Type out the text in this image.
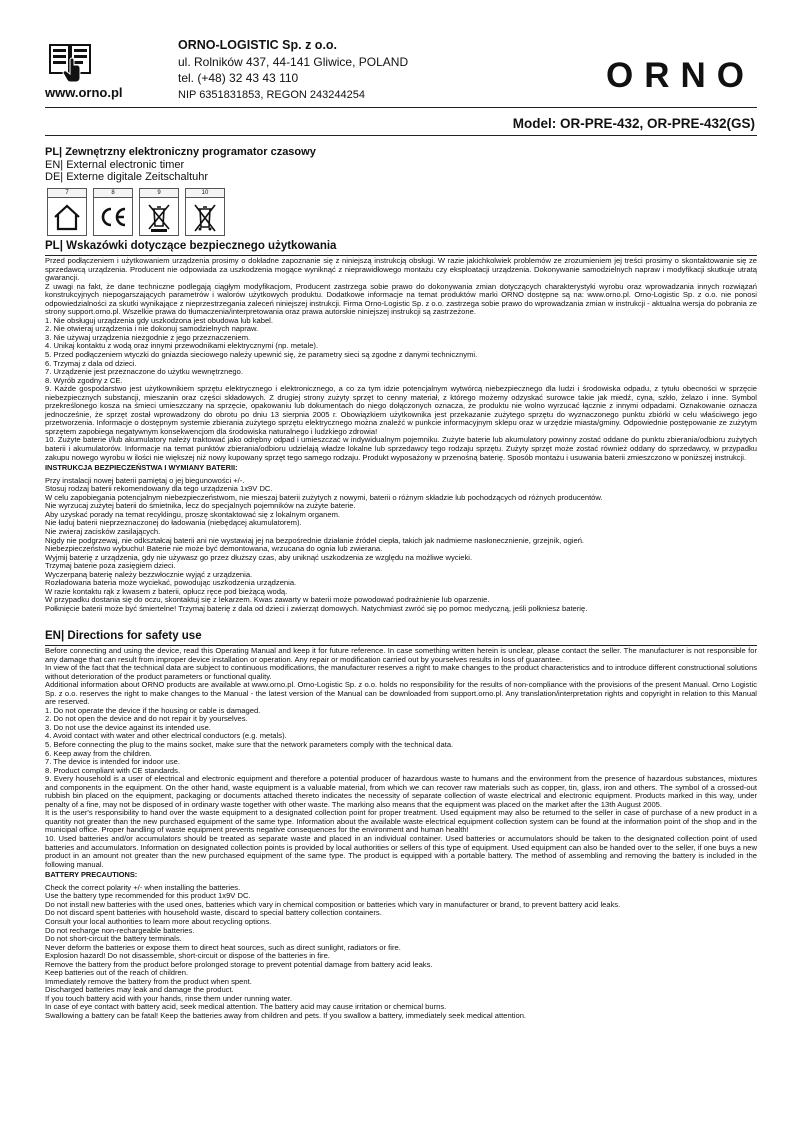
www.orno.pl
ORNO-LOGISTIC Sp. z o.o.
ul. Rolników 437, 44-141 Gliwice, POLAND
tel. (+48) 32 43 43 110
NIP 6351831853, REGON 243244254	ORNO
Model: OR-PRE-432, OR-PRE-432(GS)
PL| Zewnętrzny elektroniczny programator czasowy
EN| External electronic timer
DE| Externe digitale Zeitschaltuhr
7	8	9	10
PL| Wskazówki dotyczące bezpiecznego użytkowania

Przed podłączeniem i użytkowaniem urządzenia prosimy o dokładne zapoznanie się z niniejszą instrukcją obsługi. W razie jakichkolwiek problemów ze zrozumieniem jej treści prosimy o skontaktowanie się ze sprzedawcą urządzenia. Producent nie odpowiada za uszkodzenia mogące wyniknąć z nieprawidłowego montażu czy eksploatacji urządzenia. Dokonywanie samodzielnych napraw i modyfikacji skutkuje utratą gwarancji.

Z uwagi na fakt, że dane techniczne podlegają ciągłym modyfikacjom, Producent zastrzega sobie prawo do dokonywania zmian dotyczących charakterystyki wyrobu oraz wprowadzania innych rozwiązań konstrukcyjnych niepogarszających parametrów i walorów użytkowych produktu. Dodatkowe informacje na temat produktów marki ORNO dostępne są na: www.orno.pl. Orno-Logistic Sp. z o.o. nie ponosi odpowiedzialności za skutki wynikające z nieprzestrzegania zaleceń niniejszej instrukcji. Firma Orno-Logistic Sp. z o.o. zastrzega sobie prawo do wprowadzania zmian w instrukcji - aktualna wersja do pobrania ze strony support.orno.pl. Wszelkie prawa do tłumaczenia/interpretowania oraz prawa autorskie niniejszej instrukcji są zastrzeżone.

1. Nie obsługuj urządzenia gdy uszkodzona jest obudowa lub kabel.

2. Nie otwieraj urządzenia i nie dokonuj samodzielnych napraw.

3. Nie używaj urządzenia niezgodnie z jego przeznaczeniem.

4. Unikaj kontaktu z wodą oraz innymi przewodnikami elektrycznymi (np. metale).

5. Przed podłączeniem wtyczki do gniazda sieciowego należy upewnić się, że parametry sieci są zgodne z danymi technicznymi.

6. Trzymaj z dala od dzieci.

7. Urządzenie jest przeznaczone do użytku wewnętrznego.

8. Wyrób zgodny z CE.

9. Każde gospodarstwo jest użytkownikiem sprzętu elektrycznego i elektronicznego, a co za tym idzie potencjalnym wytwórcą niebezpiecznego dla ludzi i środowiska odpadu, z tytułu obecności w sprzęcie niebezpiecznych substancji, mieszanin oraz części składowych. Z drugiej strony zużyty sprzęt to cenny materiał, z którego możemy odzyskać surowce takie jak miedź, cyna, szkło, żelazo i inne. Symbol przekreślonego kosza na śmieci umieszczany na sprzęcie, opakowaniu lub dokumentach do niego dołączonych oznacza, że produktu nie wolno wyrzucać łącznie z innymi odpadami. Oznakowanie oznacza jednocześnie, że sprzęt został wprowadzony do obrotu po dniu 13 sierpnia 2005 r. Obowiązkiem użytkownika jest przekazanie zużytego sprzętu do wyznaczonego punktu zbiórki w celu właściwego jego przetworzenia. Informacje o dostępnym systemie zbierania zużytego sprzętu elektrycznego można znaleźć w punkcie informacyjnym sklepu oraz w urzędzie miasta/gminy. Odpowiednie postępowanie ze zużytym sprzętem zapobiega negatywnym konsekwencjom dla środowiska naturalnego i ludzkiego zdrowia!

10. Zużyte baterie i/lub akumulatory należy traktować jako odrębny odpad i umieszczać w indywidualnym pojemniku. Zużyte baterie lub akumulatory powinny zostać oddane do punktu zbierania/odbioru zużytych baterii i akumulatorów. Informacje na temat punktów zbierania/odbioru udzielają władze lokalne lub sprzedawcy tego rodzaju sprzętu. Zużyty sprzęt może zostać również oddany do sprzedawcy, w przypadku zakupu nowego wyrobu w ilości nie większej niż nowy kupowany sprzęt tego samego rodzaju. Produkt wyposażony w przenośną baterię. Sposób montażu i usuwania baterii zmieszczono w poniższej instrukcji.

INSTRUKCJA BEZPIECZEŃSTWA I WYMIANY BATERII:

Przy instalacji nowej baterii pamiętaj o jej biegunowości +/-.

Stosuj rodzaj baterii rekomendowany dla tego urządzenia 1x9V DC.

W celu zapobiegania potencjalnym niebezpieczeństwom, nie mieszaj baterii zużytych z nowymi, baterii o różnym składzie lub pochodzących od różnych producentów.

Nie wyrzucaj zużytej baterii do śmietnika, lecz do specjalnych pojemników na zużyte baterie.

Aby uzyskać porady na temat recyklingu, proszę skontaktować się z lokalnym organem.

Nie ładuj baterii nieprzeznaczonej do ładowania (niebędącej akumulatorem).

Nie zwieraj zacisków zasilających.

Nigdy nie podgrzewaj, nie odkształcaj baterii ani nie wystawiaj jej na bezpośrednie działanie źródeł ciepła, takich jak nadmierne nasłonecznienie, grzejnik, ogień.

Niebezpieczeństwo wybuchu! Baterie nie może być demontowana, wrzucana do ognia lub zwierana.

Wyjmij baterię z urządzenia, gdy nie używasz go przez dłuższy czas, aby uniknąć uszkodzenia ze względu na możliwe wycieki.

Trzymaj baterie poza zasięgiem dzieci.

Wyczerpaną baterię należy bezzwłocznie wyjąć z urządzenia.

Rozładowana bateria może wyciekać, powodując uszkodzenia urządzenia.

W razie kontaktu rąk z kwasem z baterii, opłucz ręce pod bieżącą wodą.

W przypadku dostania się do oczu, skontaktuj się z lekarzem. Kwas zawarty w baterii może powodować podrażnienie lub oparzenie.

Połknięcie baterii może być śmiertelne! Trzymaj baterię z dala od dzieci i zwierząt domowych. Natychmiast zwróć się po pomoc medyczną, jeśli połkniesz baterię.

EN| Directions for safety use

Before connecting and using the device, read this Operating Manual and keep it for future reference. In case something written herein is unclear, please contact the seller. The manufacturer is not responsible for any damage that can result from improper device installation or operation. Any repair or modification carried out by yourselves results in loss of guarantee.

In view of the fact that the technical data are subject to continuous modifications, the manufacturer reserves a right to make changes to the product characteristics and to introduce different constructional solutions without deterioration of the product parameters or functional quality.

Additional information about ORNO products are available at www.orno.pl. Orno-Logistic Sp. z o.o. holds no responsibility for the results of non-compliance with the provisions of the present Manual. Orno Logistic Sp. z o.o. reserves the right to make changes to the Manual - the latest version of the Manual can be downloaded from support.orno.pl. Any translation/interpretation rights and copyright in relation to this Manual are reserved.

1. Do not operate the device if the housing or cable is damaged.

2. Do not open the device and do not repair it by yourselves.

3. Do not use the device against its intended use.

4. Avoid contact with water and other electrical conductors (e.g. metals).

5. Before connecting the plug to the mains socket, make sure that the network parameters comply with the technical data.

6. Keep away from the children.

7. The device is intended for indoor use.

8. Product compliant with CE standards.

9. Every household is a user of electrical and electronic equipment and therefore a potential producer of hazardous waste to humans and the environment from the presence of hazardous substances, mixtures and components in the equipment. On the other hand, waste equipment is a valuable material, from which we can recover raw materials such as copper, tin, glass, iron and others. The symbol of a crossed-out rubbish bin placed on the equipment, packaging or documents attached thereto indicates the necessity of separate collection of waste electrical and electronic equipment. Products marked in this way, under penalty of a fine, may not be disposed of in ordinary waste together with other waste. The marking also means that the equipment was placed on the market after the 13th August 2005.

It is the user's responsibility to hand over the waste equipment to a designated collection point for proper treatment. Used equipment may also be returned to the seller in case of purchase of a new product in a quantity not greater than the new purchased equipment of the same type. Information about the available waste electrical equipment collection system can be found at the information point of the shop and in the municipal office. Proper handling of waste equipment prevents negative consequences for the environment and human health!

10. Used batteries and/or accumulators should be treated as separate waste and placed in an individual container. Used batteries or accumulators should be taken to the designated collection point of used batteries and accumulators. Information on designated collection points is provided by local authorities or sellers of this type of equipment. Used equipment can also be handed over to the seller, if one buys a new product in an amount not greater than the new purchased equipment of the same type. The product is equipped with a portable battery. The method of assembling and removing the battery is included in the following manual.

BATTERY PRECAUTIONS:

Check the correct polarity +/- when installing the batteries.

Use the battery type recommended for this product 1x9V DC.

Do not install new batteries with the used ones, batteries which vary in chemical composition or batteries which vary in manufacturer or brand, to prevent battery acid leaks.

Do not discard spent batteries with household waste, discard to special battery collection containers.

Consult your local authorities to learn more about recycling options.

Do not recharge non-rechargeable batteries.

Do not short-circuit the battery terminals.

Never deform the batteries or expose them to direct heat sources, such as direct sunlight, radiators or fire.

Explosion hazard! Do not disassemble, short-circuit or dispose of the batteries in fire.

Remove the battery from the product before prolonged storage to prevent potential damage from battery acid leaks.

Keep batteries out of the reach of children.

Immediately remove the battery from the product when spent.

Discharged batteries may leak and damage the product.

If you touch battery acid with your hands, rinse them under running water.

In case of eye contact with battery acid, seek medical attention. The battery acid may cause irritation or chemical burns.

Swallowing a battery can be fatal! Keep the batteries away from children and pets. If you swallow a battery, immediately seek medical attention.
